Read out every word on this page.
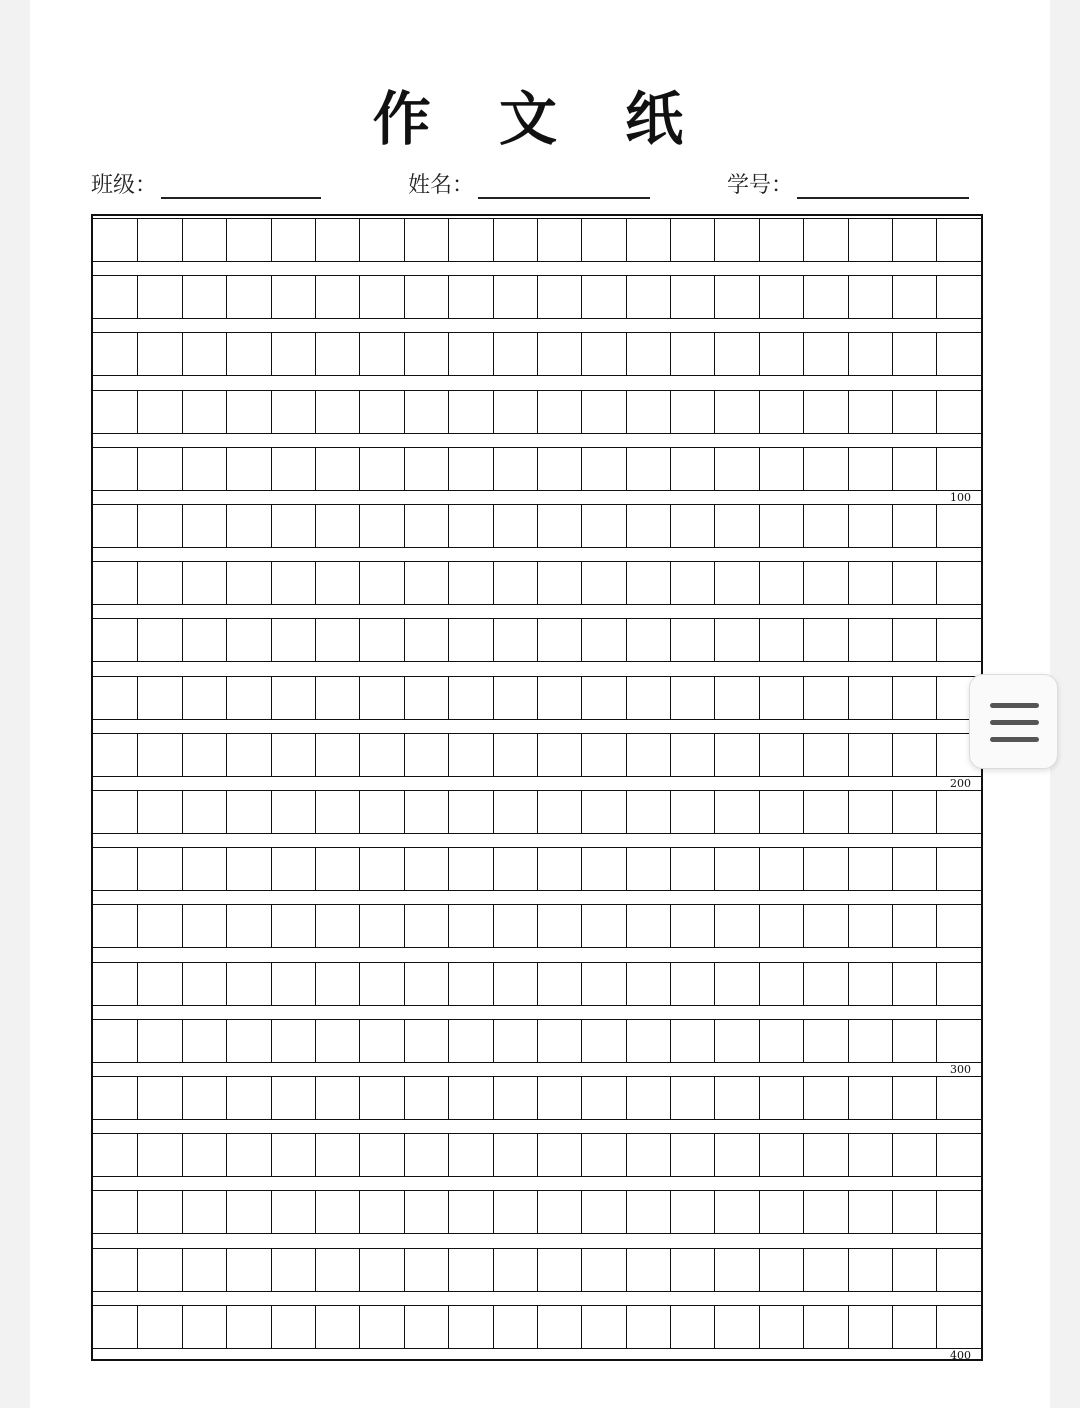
作 文 纸
班级：	姓名：	学号：
100
200
300
400
